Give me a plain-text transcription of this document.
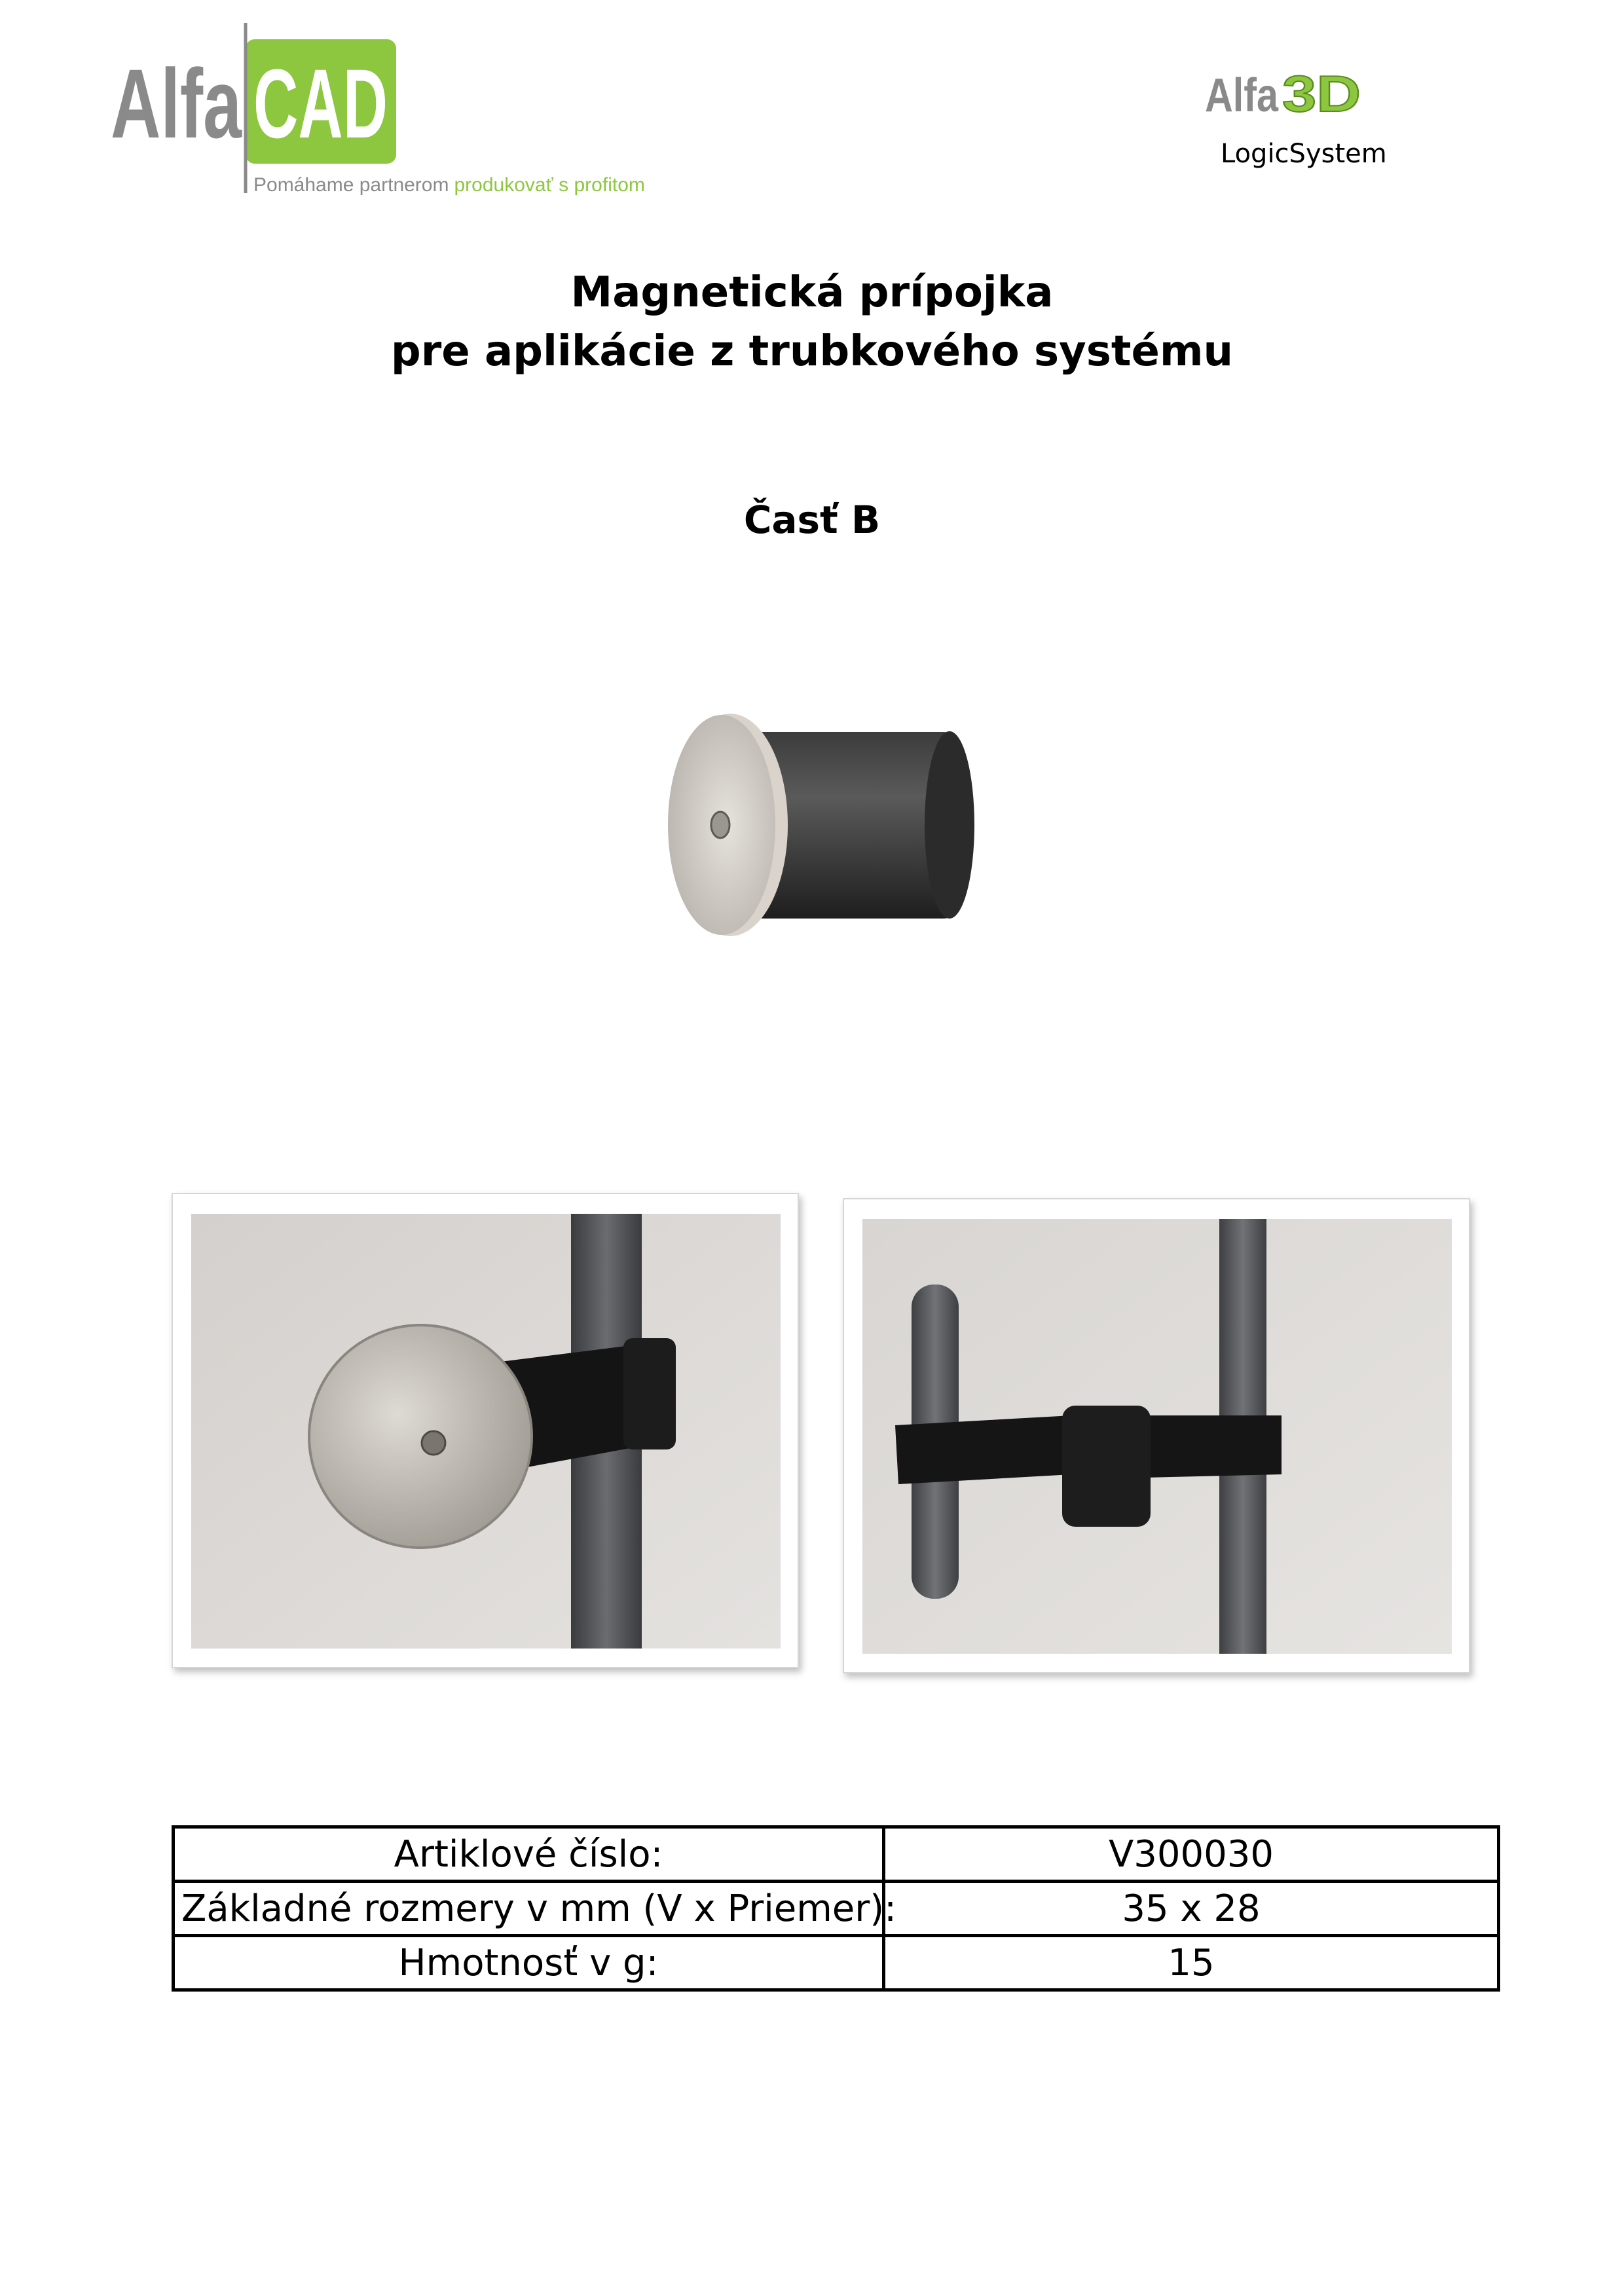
Alfa CAD
Pomáhame partnerom produkovať s profitom
Alfa 3D
LogicSystem
Magnetická prípojka
pre aplikácie z trubkového systému
Časť B
Artiklové číslo:	V300030
Základné rozmery v mm (V x Priemer):	35 x 28
Hmotnosť v g:	15
